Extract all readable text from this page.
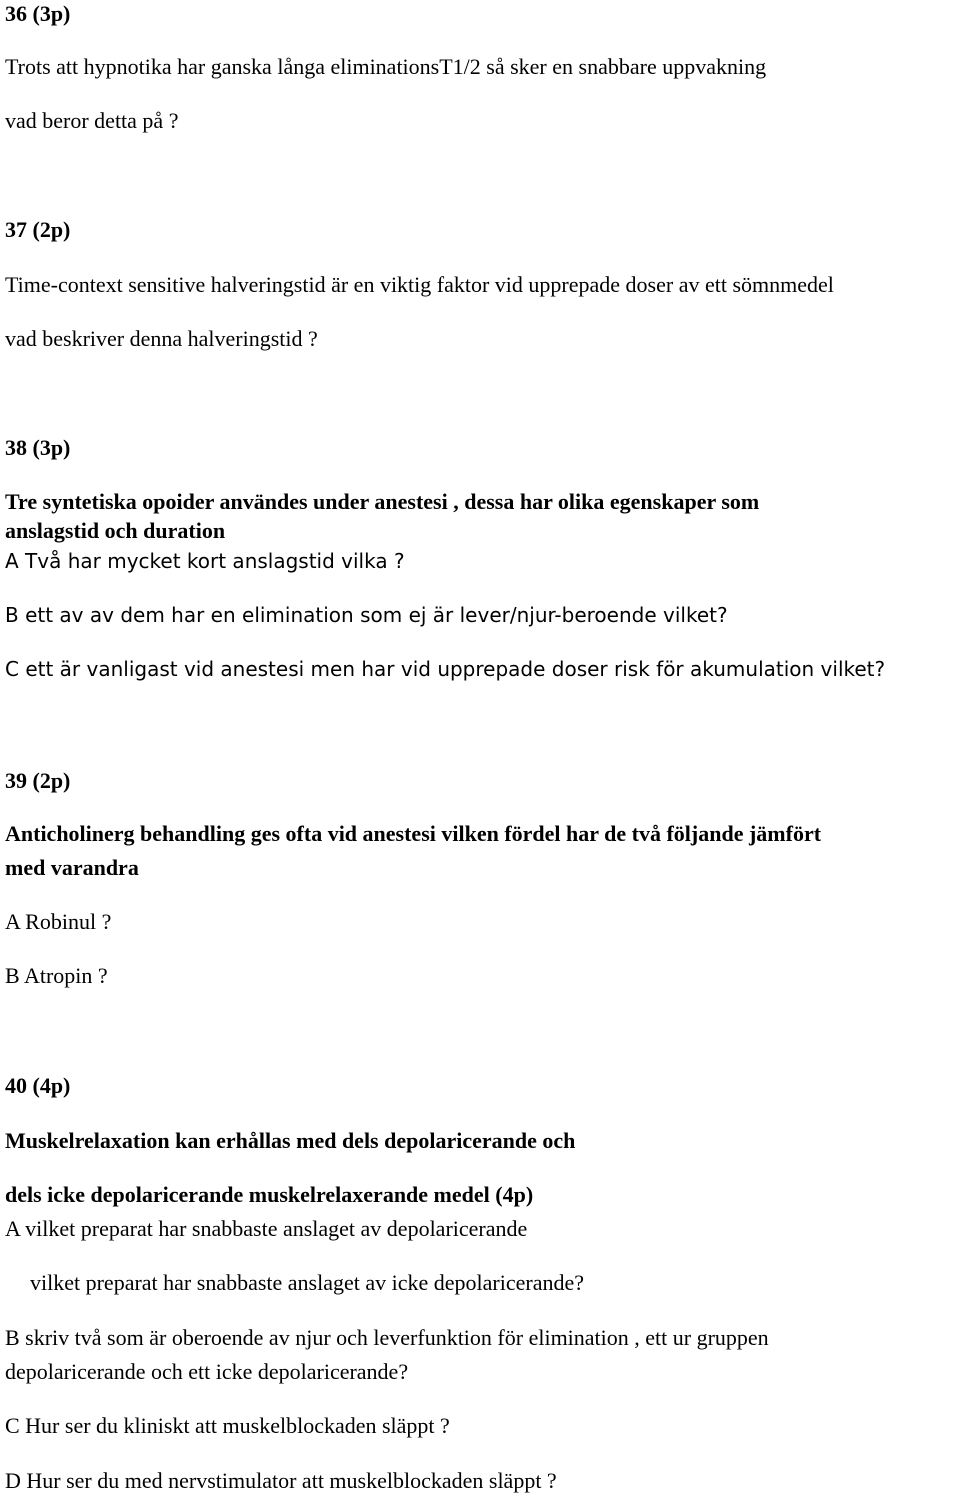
36 (3p)
Trots att hypnotika har ganska långa eliminationsT1/2 så sker en snabbare uppvakning
vad beror detta på ?
37 (2p)
Time-context sensitive halveringstid är en viktig faktor vid upprepade doser av ett sömnmedel
vad beskriver denna halveringstid ?
38 (3p)
Tre syntetiska opoider användes under anestesi , dessa har olika egenskaper som
anslagstid och duration
A Två har mycket kort anslagstid vilka ?
B ett av av dem har en elimination som ej är lever/njur-beroende vilket?
C ett är vanligast vid anestesi men har vid upprepade doser risk för akumulation vilket?
39 (2p)
Anticholinerg behandling ges ofta vid anestesi vilken fördel har de två följande jämfört
med varandra
A Robinul ?
B Atropin ?
40 (4p)
Muskelrelaxation kan erhållas med dels depolaricerande och
dels icke depolaricerande muskelrelaxerande medel (4p)
A vilket preparat har snabbaste anslaget av depolaricerande
vilket preparat har snabbaste anslaget av icke depolaricerande?
B skriv två som är oberoende av njur och leverfunktion för elimination , ett ur gruppen
depolaricerande och ett icke depolaricerande?
C Hur ser du kliniskt att muskelblockaden släppt ?
D Hur ser du med nervstimulator att muskelblockaden släppt ?
